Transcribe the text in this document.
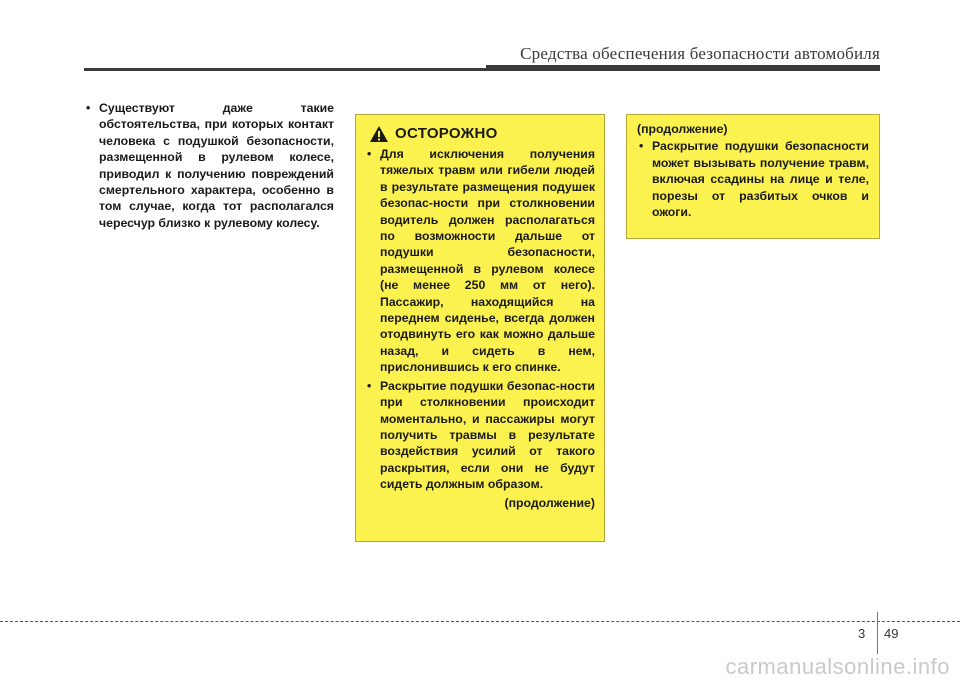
Средства обеспечения безопасности автомобиля

• Существуют даже такие обстоятельства, при которых контакт человека с подушкой безопасности, размещенной в рулевом колесе, приводил к получению повреждений смертельного характера, особенно в том случае, когда тот располагался чересчур близко к рулевому колесу.

ОСТОРОЖНО

• Для исключения получения тяжелых травм или гибели людей в результате размещения подушек безопас-ности при столкновении водитель должен располагаться по возможности дальше от подушки безопасности, размещенной в рулевом колесе (не менее 250 мм от него). Пассажир, находящийся на переднем сиденье, всегда должен отодвинуть его как можно дальше назад, и сидеть в нем, прислонившись к его спинке.

• Раскрытие подушки безопас-ности при столкновении происходит моментально, и пассажиры могут получить травмы в результате воздействия усилий от такого раскрытия, если они не будут сидеть должным образом.

(продолжение)
(продолжение)

• Раскрытие подушки безопасности может вызывать получение травм, включая ссадины на лице и теле, порезы от разбитых очков и ожоги.

3 49
carmanualsonline.info
